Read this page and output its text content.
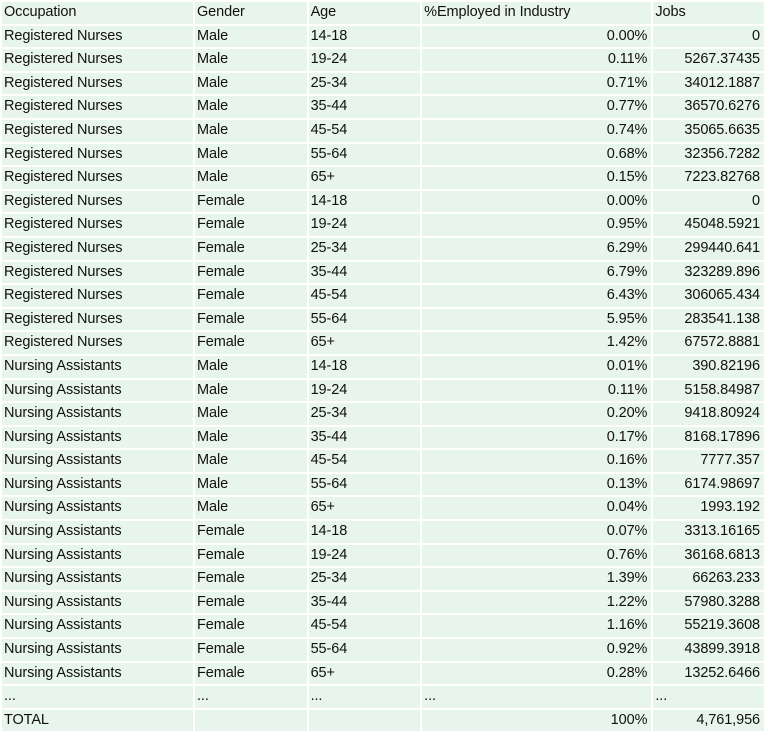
Occupation	Gender	Age	%Employed in Industry	Jobs
Registered Nurses	Male	14-18	0.00%	0
Registered Nurses	Male	19-24	0.11%	5267.37435
Registered Nurses	Male	25-34	0.71%	34012.1887
Registered Nurses	Male	35-44	0.77%	36570.6276
Registered Nurses	Male	45-54	0.74%	35065.6635
Registered Nurses	Male	55-64	0.68%	32356.7282
Registered Nurses	Male	65+	0.15%	7223.82768
Registered Nurses	Female	14-18	0.00%	0
Registered Nurses	Female	19-24	0.95%	45048.5921
Registered Nurses	Female	25-34	6.29%	299440.641
Registered Nurses	Female	35-44	6.79%	323289.896
Registered Nurses	Female	45-54	6.43%	306065.434
Registered Nurses	Female	55-64	5.95%	283541.138
Registered Nurses	Female	65+	1.42%	67572.8881
Nursing Assistants	Male	14-18	0.01%	390.82196
Nursing Assistants	Male	19-24	0.11%	5158.84987
Nursing Assistants	Male	25-34	0.20%	9418.80924
Nursing Assistants	Male	35-44	0.17%	8168.17896
Nursing Assistants	Male	45-54	0.16%	7777.357
Nursing Assistants	Male	55-64	0.13%	6174.98697
Nursing Assistants	Male	65+	0.04%	1993.192
Nursing Assistants	Female	14-18	0.07%	3313.16165
Nursing Assistants	Female	19-24	0.76%	36168.6813
Nursing Assistants	Female	25-34	1.39%	66263.233
Nursing Assistants	Female	35-44	1.22%	57980.3288
Nursing Assistants	Female	45-54	1.16%	55219.3608
Nursing Assistants	Female	55-64	0.92%	43899.3918
Nursing Assistants	Female	65+	0.28%	13252.6466
...	...	...	...	...
TOTAL			100%	4,761,956
